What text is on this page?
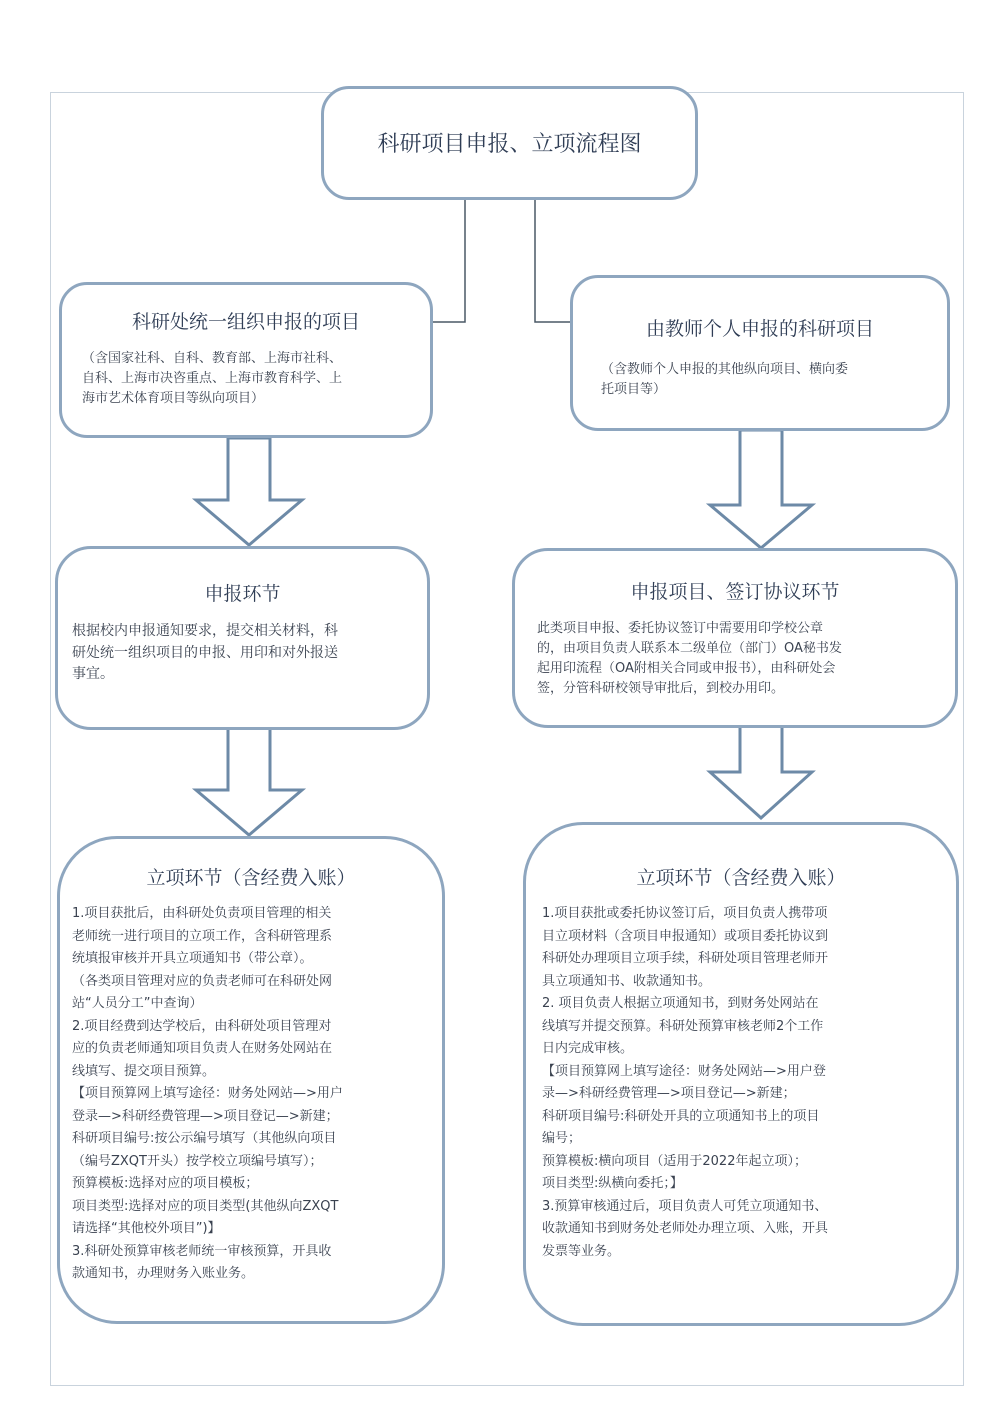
科研项目申报、立项流程图
科研处统一组织申报的项目
（含国家社科、自科、教育部、上海市社科、
自科、上海市决咨重点、上海市教育科学、上
海市艺术体育项目等纵向项目）
由教师个人申报的科研项目
（含教师个人申报的其他纵向项目、横向委
托项目等）
申报环节
根据校内申报通知要求，提交相关材料，科
研处统一组织项目的申报、用印和对外报送
事宜。
申报项目、签订协议环节
此类项目申报、委托协议签订中需要用印学校公章
的，由项目负责人联系本二级单位（部门）OA秘书发
起用印流程（OA附相关合同或申报书），由科研处会
签，分管科研校领导审批后，到校办用印。
立项环节（含经费入账）
1.项目获批后，由科研处负责项目管理的相关
老师统一进行项目的立项工作，含科研管理系
统填报审核并开具立项通知书（带公章）。
（各类项目管理对应的负责老师可在科研处网
站“人员分工”中查询）
2.项目经费到达学校后，由科研处项目管理对
应的负责老师通知项目负责人在财务处网站在
线填写、提交项目预算。
【项目预算网上填写途径：财务处网站—>用户
登录—>科研经费管理—>项目登记—>新建；
科研项目编号:按公示编号填写（其他纵向项目
（编号ZXQT开头）按学校立项编号填写）；
预算模板:选择对应的项目模板；
项目类型:选择对应的项目类型(其他纵向ZXQT
请选择“其他校外项目”)】
3.科研处预算审核老师统一审核预算，开具收
款通知书，办理财务入账业务。
立项环节（含经费入账）
1.项目获批或委托协议签订后，项目负责人携带项
目立项材料（含项目申报通知）或项目委托协议到
科研处办理项目立项手续，科研处项目管理老师开
具立项通知书、收款通知书。
2. 项目负责人根据立项通知书，到财务处网站在
线填写并提交预算。科研处预算审核老师2个工作
日内完成审核。
【项目预算网上填写途径：财务处网站—>用户登
录—>科研经费管理—>项目登记—>新建；
科研项目编号:科研处开具的立项通知书上的项目
编号；
预算模板:横向项目（适用于2022年起立项）；
项目类型:纵横向委托；】
3.预算审核通过后，项目负责人可凭立项通知书、
收款通知书到财务处老师处办理立项、入账，开具
发票等业务。
